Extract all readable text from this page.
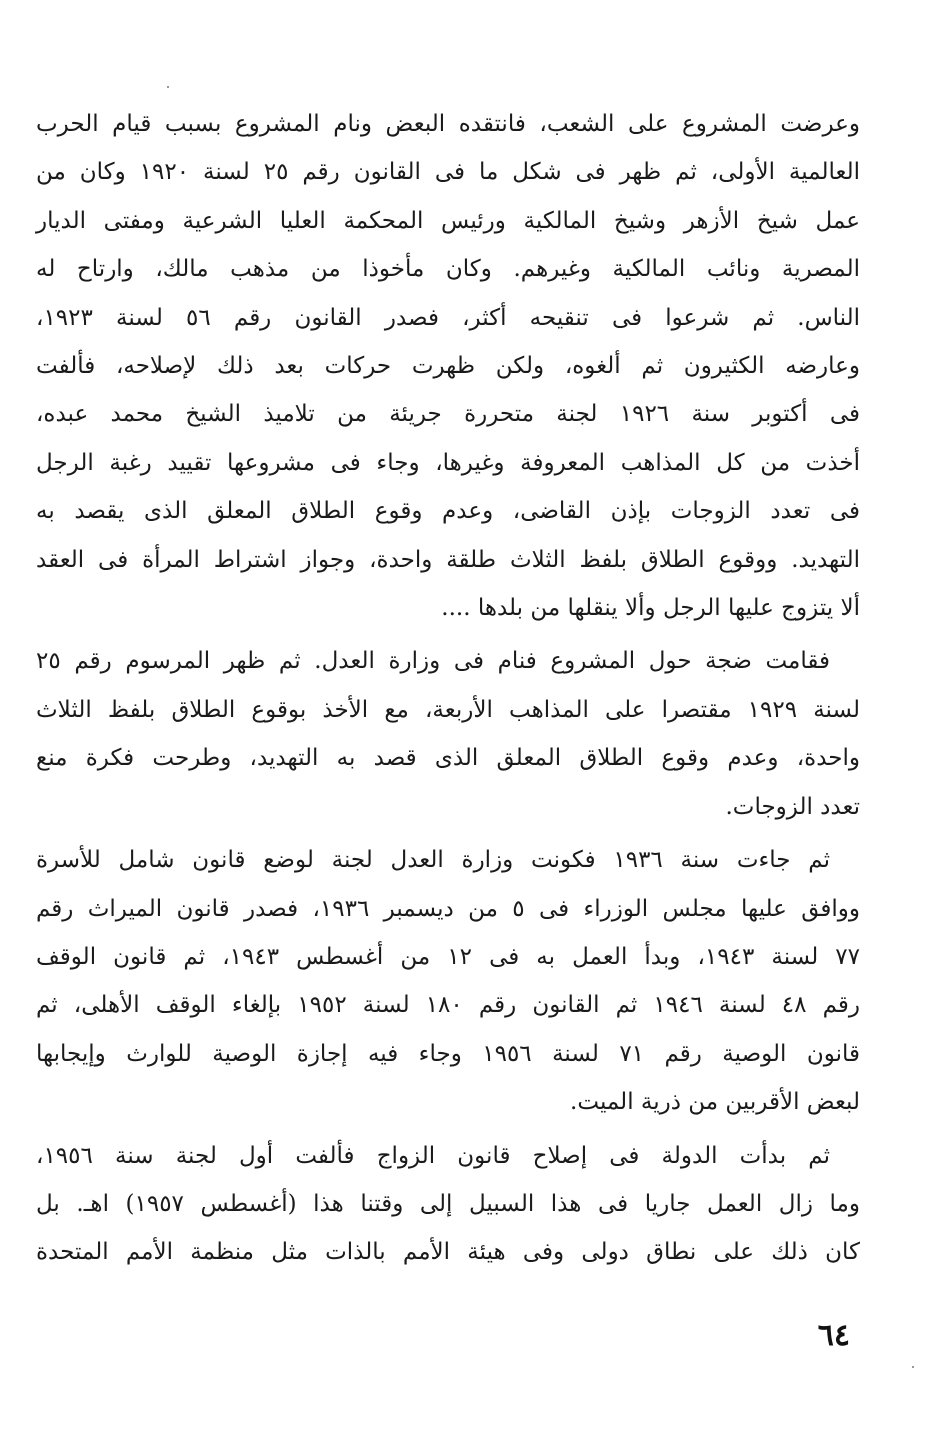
وعرضت المشروع على الشعب، فانتقده البعض ونام المشروع بسبب قيام الحرب
العالمية الأولى، ثم ظهر فى شكل ما فى القانون رقم ٢٥ لسنة ١٩٢٠ وكان من
عمل شيخ الأزهر وشيخ المالكية ورئيس المحكمة العليا الشرعية ومفتى الديار
المصرية ونائب المالكية وغيرهم. وكان مأخوذا من مذهب مالك، وارتاح له
الناس. ثم شرعوا فى تنقيحه أكثر، فصدر القانون رقم ٥٦ لسنة ١٩٢٣،
وعارضه الكثيرون ثم ألغوه، ولكن ظهرت حركات بعد ذلك لإصلاحه، فألفت
فى أكتوبر سنة ١٩٢٦ لجنة متحررة جريئة من تلاميذ الشيخ محمد عبده،
أخذت من كل المذاهب المعروفة وغيرها، وجاء فى مشروعها تقييد رغبة الرجل
فى تعدد الزوجات بإذن القاضى، وعدم وقوع الطلاق المعلق الذى يقصد به
التهديد. ووقوع الطلاق بلفظ الثلاث طلقة واحدة، وجواز اشتراط المرأة فى العقد
ألا يتزوج عليها الرجل وألا ينقلها من بلدها ....

فقامت ضجة حول المشروع فنام فى وزارة العدل. ثم ظهر المرسوم رقم ٢٥
لسنة ١٩٢٩ مقتصرا على المذاهب الأربعة، مع الأخذ بوقوع الطلاق بلفظ الثلاث
واحدة، وعدم وقوع الطلاق المعلق الذى قصد به التهديد، وطرحت فكرة منع
تعدد الزوجات.

ثم جاءت سنة ١٩٣٦ فكونت وزارة العدل لجنة لوضع قانون شامل للأسرة
ووافق عليها مجلس الوزراء فى ٥ من ديسمبر ١٩٣٦، فصدر قانون الميراث رقم
٧٧ لسنة ١٩٤٣، وبدأ العمل به فى ١٢ من أغسطس ١٩٤٣، ثم قانون الوقف
رقم ٤٨ لسنة ١٩٤٦ ثم القانون رقم ١٨٠ لسنة ١٩٥٢ بإلغاء الوقف الأهلى، ثم
قانون الوصية رقم ٧١ لسنة ١٩٥٦ وجاء فيه إجازة الوصية للوارث وإيجابها
لبعض الأقربين من ذرية الميت.

ثم بدأت الدولة فى إصلاح قانون الزواج فألفت أول لجنة سنة ١٩٥٦،
وما زال العمل جاريا فى هذا السبيل إلى وقتنا هذا (أغسطس ١٩٥٧) اهـ. بل
كان ذلك على نطاق دولى وفى هيئة الأمم بالذات مثل منظمة الأمم المتحدة

٦٤
